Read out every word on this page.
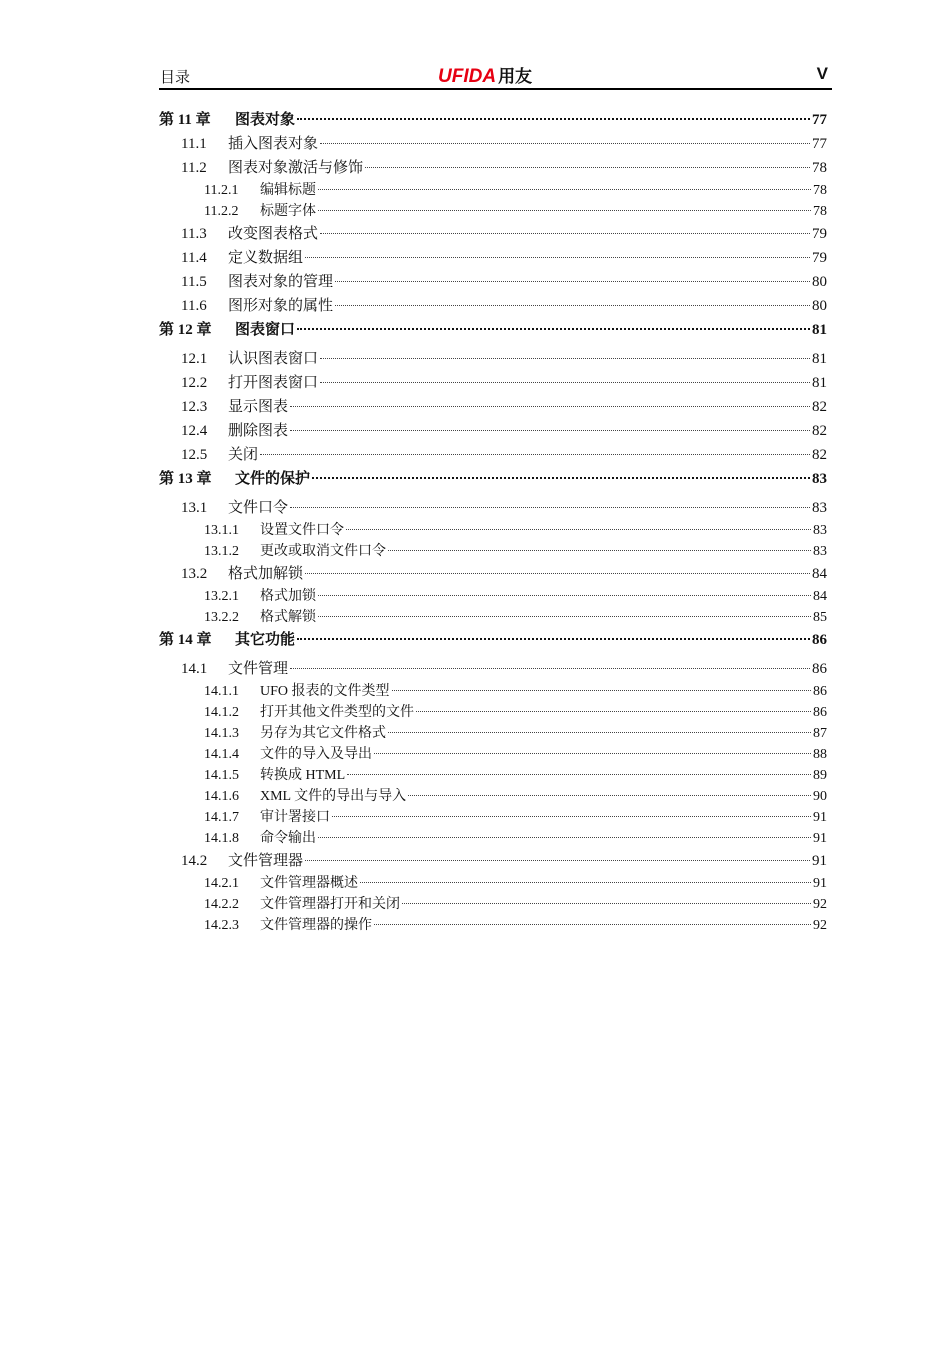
目录	UFIDA 用友	V
第 11 章	图表对象	77
11.1	插入图表对象	77
11.2	图表对象激活与修饰	78
11.2.1	编辑标题	78
11.2.2	标题字体	78
11.3	改变图表格式	79
11.4	定义数据组	79
11.5	图表对象的管理	80
11.6	图形对象的属性	80
第 12 章	图表窗口	81
12.1	认识图表窗口	81
12.2	打开图表窗口	81
12.3	显示图表	82
12.4	删除图表	82
12.5	关闭	82
第 13 章	文件的保护	83
13.1	文件口令	83
13.1.1	设置文件口令	83
13.1.2	更改或取消文件口令	83
13.2	格式加解锁	84
13.2.1	格式加锁	84
13.2.2	格式解锁	85
第 14 章	其它功能	86
14.1	文件管理	86
14.1.1	UFO 报表的文件类型	86
14.1.2	打开其他文件类型的文件	86
14.1.3	另存为其它文件格式	87
14.1.4	文件的导入及导出	88
14.1.5	转换成 HTML	89
14.1.6	XML 文件的导出与导入	90
14.1.7	审计署接口	91
14.1.8	命令输出	91
14.2	文件管理器	91
14.2.1	文件管理器概述	91
14.2.2	文件管理器打开和关闭	92
14.2.3	文件管理器的操作	92
